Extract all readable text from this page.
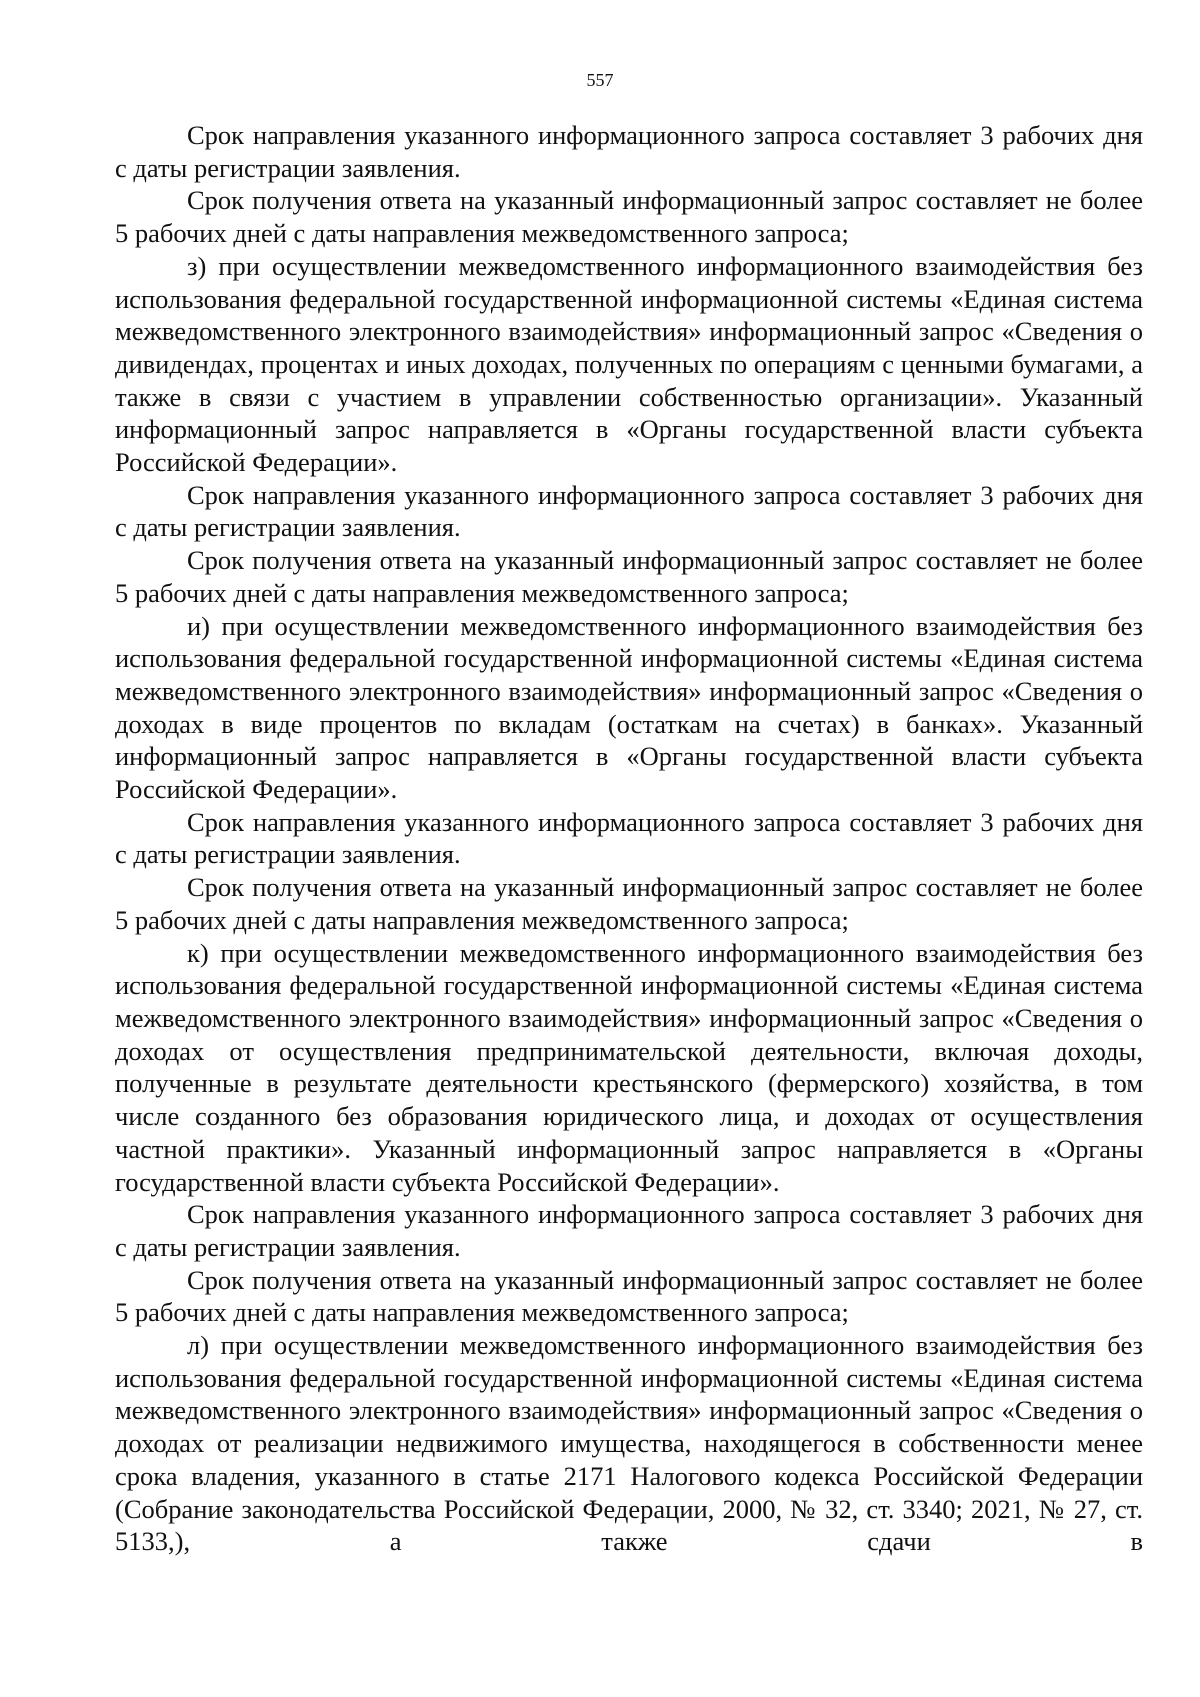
557

Срок направления указанного информационного запроса составляет 3 рабочих дня с даты регистрации заявления.

Срок получения ответа на указанный информационный запрос составляет не более 5 рабочих дней с даты направления межведомственного запроса;

з) при осуществлении межведомственного информационного взаимодействия без использования федеральной государственной информационной системы «Единая система межведомственного электронного взаимодействия» информационный запрос «Сведения о дивидендах, процентах и иных доходах, полученных по операциям с ценными бумагами, а также в связи с участием в управлении собственностью организации». Указанный информационный запрос направляется в «Органы государственной власти субъекта Российской Федерации».

Срок направления указанного информационного запроса составляет 3 рабочих дня с даты регистрации заявления.

Срок получения ответа на указанный информационный запрос составляет не более 5 рабочих дней с даты направления межведомственного запроса;

и) при осуществлении межведомственного информационного взаимодействия без использования федеральной государственной информационной системы «Единая система межведомственного электронного взаимодействия» информационный запрос «Сведения о доходах в виде процентов по вкладам (остаткам на счетах) в банках». Указанный информационный запрос направляется в «Органы государственной власти субъекта Российской Федерации».

Срок направления указанного информационного запроса составляет 3 рабочих дня с даты регистрации заявления.

Срок получения ответа на указанный информационный запрос составляет не более 5 рабочих дней с даты направления межведомственного запроса;

к) при осуществлении межведомственного информационного взаимодействия без использования федеральной государственной информационной системы «Единая система межведомственного электронного взаимодействия» информационный запрос «Сведения о доходах от осуществления предпринимательской деятельности, включая доходы, полученные в результате деятельности крестьянского (фермерского) хозяйства, в том числе созданного без образования юридического лица, и доходах от осуществления частной практики». Указанный информационный запрос направляется в «Органы государственной власти субъекта Российской Федерации».

Срок направления указанного информационного запроса составляет 3 рабочих дня с даты регистрации заявления.

Срок получения ответа на указанный информационный запрос составляет не более 5 рабочих дней с даты направления межведомственного запроса;

л) при осуществлении межведомственного информационного взаимодействия без использования федеральной государственной информационной системы «Единая система межведомственного электронного взаимодействия» информационный запрос «Сведения о доходах от реализации недвижимого имущества, находящегося в собственности менее срока владения, указанного в статье 2171 Налогового кодекса Российской Федерации (Собрание законодательства Российской Федерации, 2000, № 32, ст. 3340; 2021, № 27, ст. 5133,), а также сдачи в
